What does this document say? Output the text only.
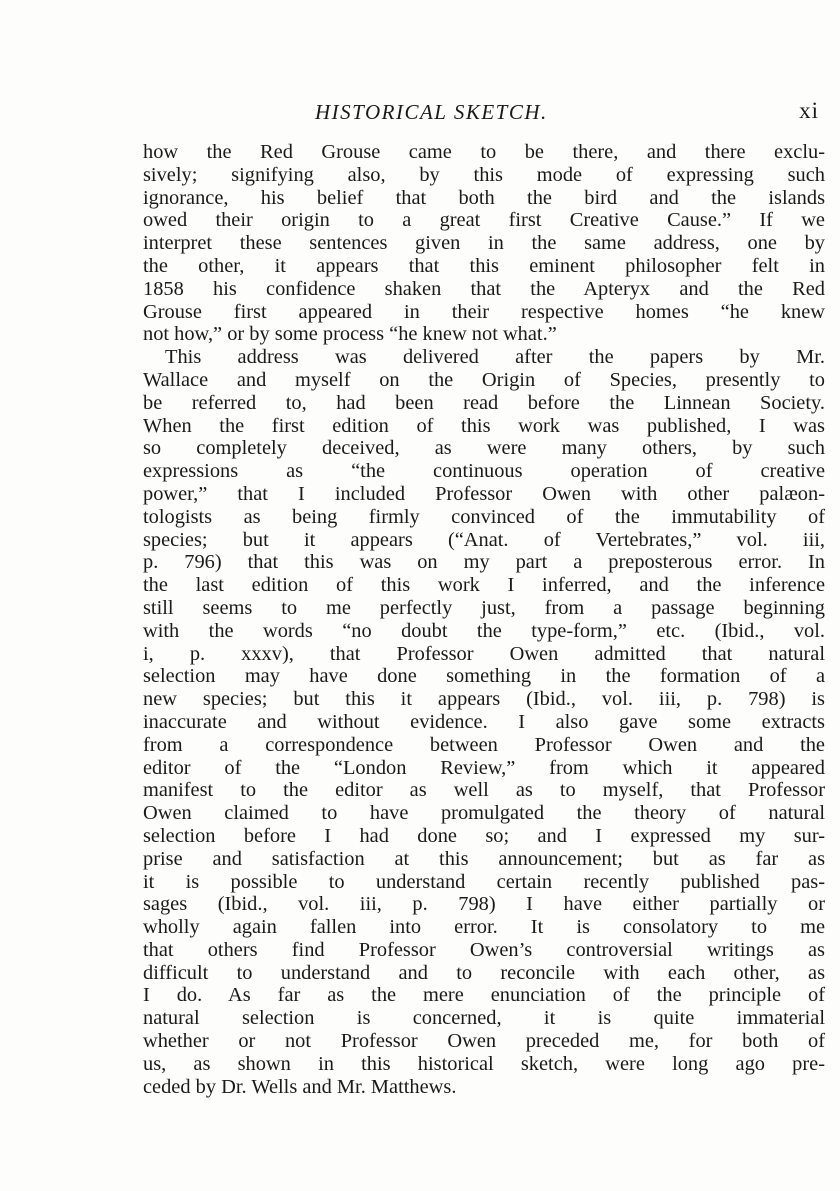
HISTORICAL SKETCH.	xi
how the Red Grouse came to be there, and there exclu-
sively; signifying also, by this mode of expressing such
ignorance, his belief that both the bird and the islands
owed their origin to a great first Creative Cause.” If we
interpret these sentences given in the same address, one by
the other, it appears that this eminent philosopher felt in
1858 his confidence shaken that the Apteryx and the Red
Grouse first appeared in their respective homes “he knew
not how,” or by some process “he knew not what.”
This address was delivered after the papers by Mr.
Wallace and myself on the Origin of Species, presently to
be referred to, had been read before the Linnean Society.
When the first edition of this work was published, I was
so completely deceived, as were many others, by such
expressions as “the continuous operation of creative
power,” that I included Professor Owen with other palæon-
tologists as being firmly convinced of the immutability of
species; but it appears (“Anat. of Vertebrates,” vol. iii,
p. 796) that this was on my part a preposterous error. In
the last edition of this work I inferred, and the inference
still seems to me perfectly just, from a passage beginning
with the words “no doubt the type-form,” etc. (Ibid., vol.
i, p. xxxv), that Professor Owen admitted that natural
selection may have done something in the formation of a
new species; but this it appears (Ibid., vol. iii, p. 798) is
inaccurate and without evidence. I also gave some extracts
from a correspondence between Professor Owen and the
editor of the “London Review,” from which it appeared
manifest to the editor as well as to myself, that Professor
Owen claimed to have promulgated the theory of natural
selection before I had done so; and I expressed my sur-
prise and satisfaction at this announcement; but as far as
it is possible to understand certain recently published pas-
sages (Ibid., vol. iii, p. 798) I have either partially or
wholly again fallen into error. It is consolatory to me
that others find Professor Owen’s controversial writings as
difficult to understand and to reconcile with each other, as
I do. As far as the mere enunciation of the principle of
natural selection is concerned, it is quite immaterial
whether or not Professor Owen preceded me, for both of
us, as shown in this historical sketch, were long ago pre-
ceded by Dr. Wells and Mr. Matthews.
